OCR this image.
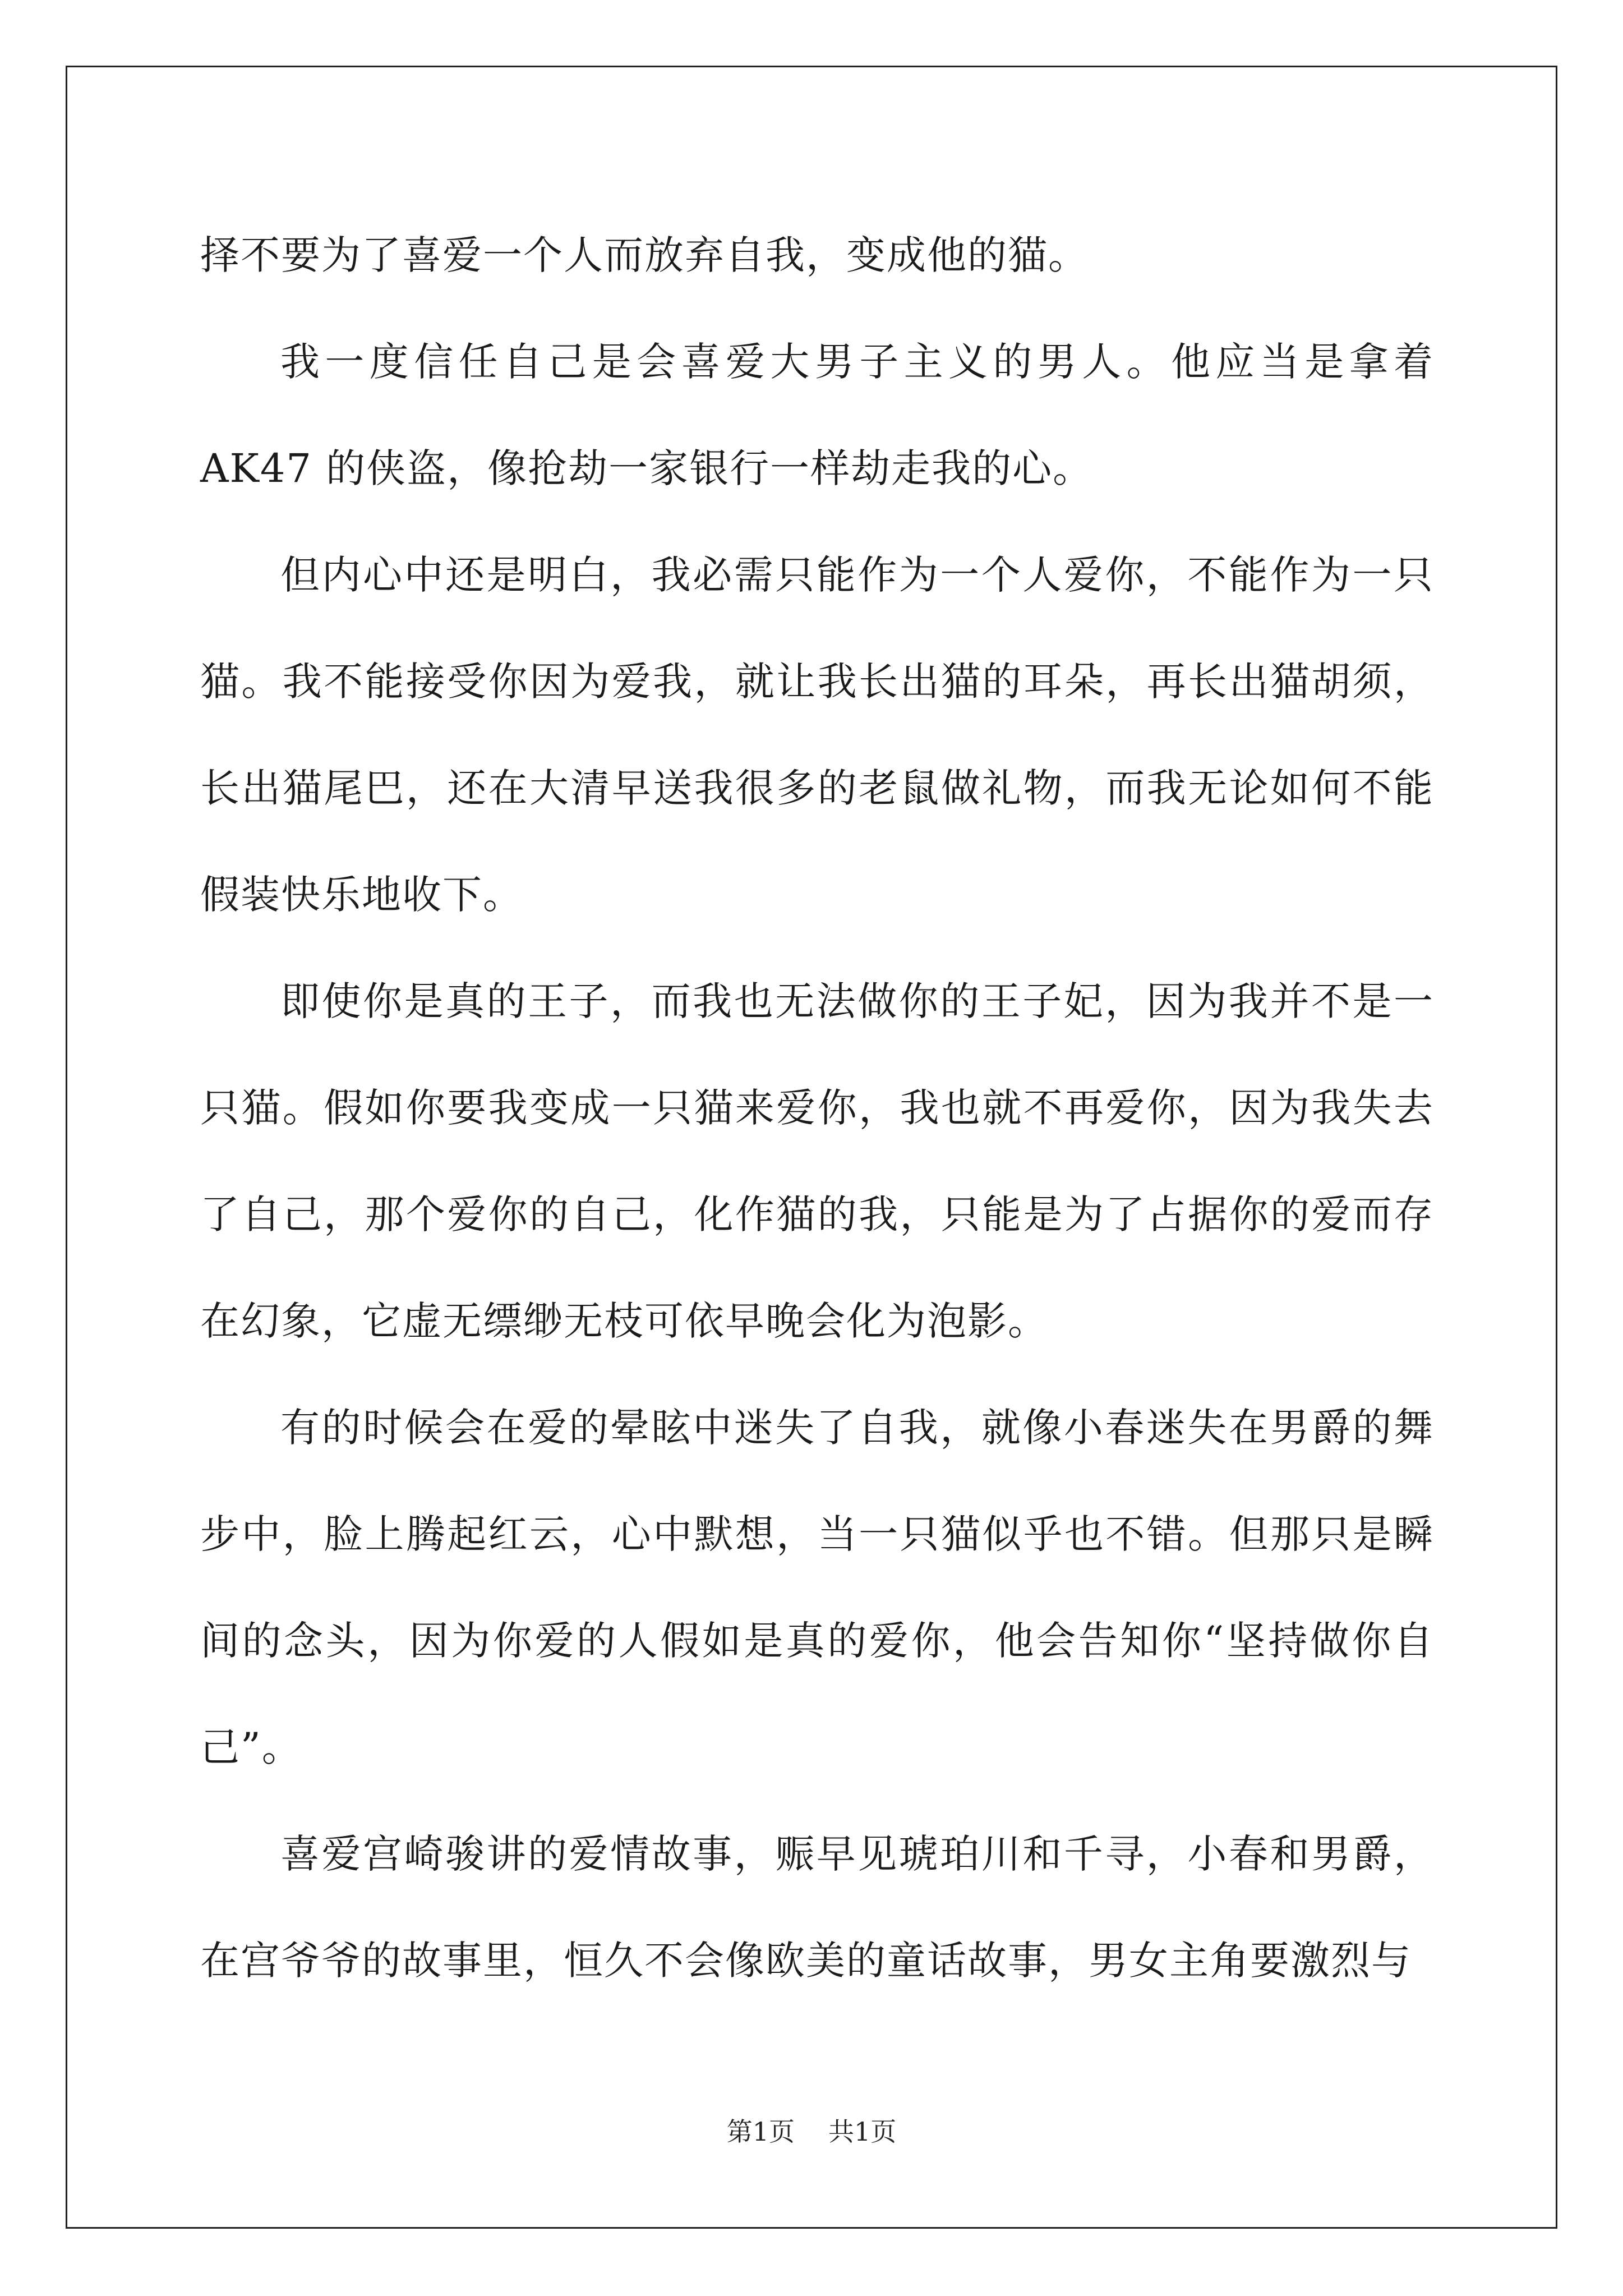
择不要为了喜爱一个人而放弃自我，变成他的猫。

我一度信任自己是会喜爱大男子主义的男人。他应当是拿着 AK47 的侠盗，像抢劫一家银行一样劫走我的心。

但内心中还是明白，我必需只能作为一个人爱你，不能作为一只猫。我不能接受你因为爱我，就让我长出猫的耳朵，再长出猫胡须，长出猫尾巴，还在大清早送我很多的老鼠做礼物，而我无论如何不能假装快乐地收下。

即使你是真的王子，而我也无法做你的王子妃，因为我并不是一只猫。假如你要我变成一只猫来爱你，我也就不再爱你，因为我失去了自己，那个爱你的自己，化作猫的我，只能是为了占据你的爱而存在幻象，它虚无缥缈无枝可依早晚会化为泡影。

有的时候会在爱的晕眩中迷失了自我，就像小春迷失在男爵的舞步中，脸上腾起红云，心中默想，当一只猫似乎也不错。但那只是瞬间的念头，因为你爱的人假如是真的爱你，他会告知你“坚持做你自己”。

喜爱宫崎骏讲的爱情故事，赈早见琥珀川和千寻，小春和男爵，在宫爷爷的故事里，恒久不会像欧美的童话故事，男女主角要激烈与

第1页 共1页
